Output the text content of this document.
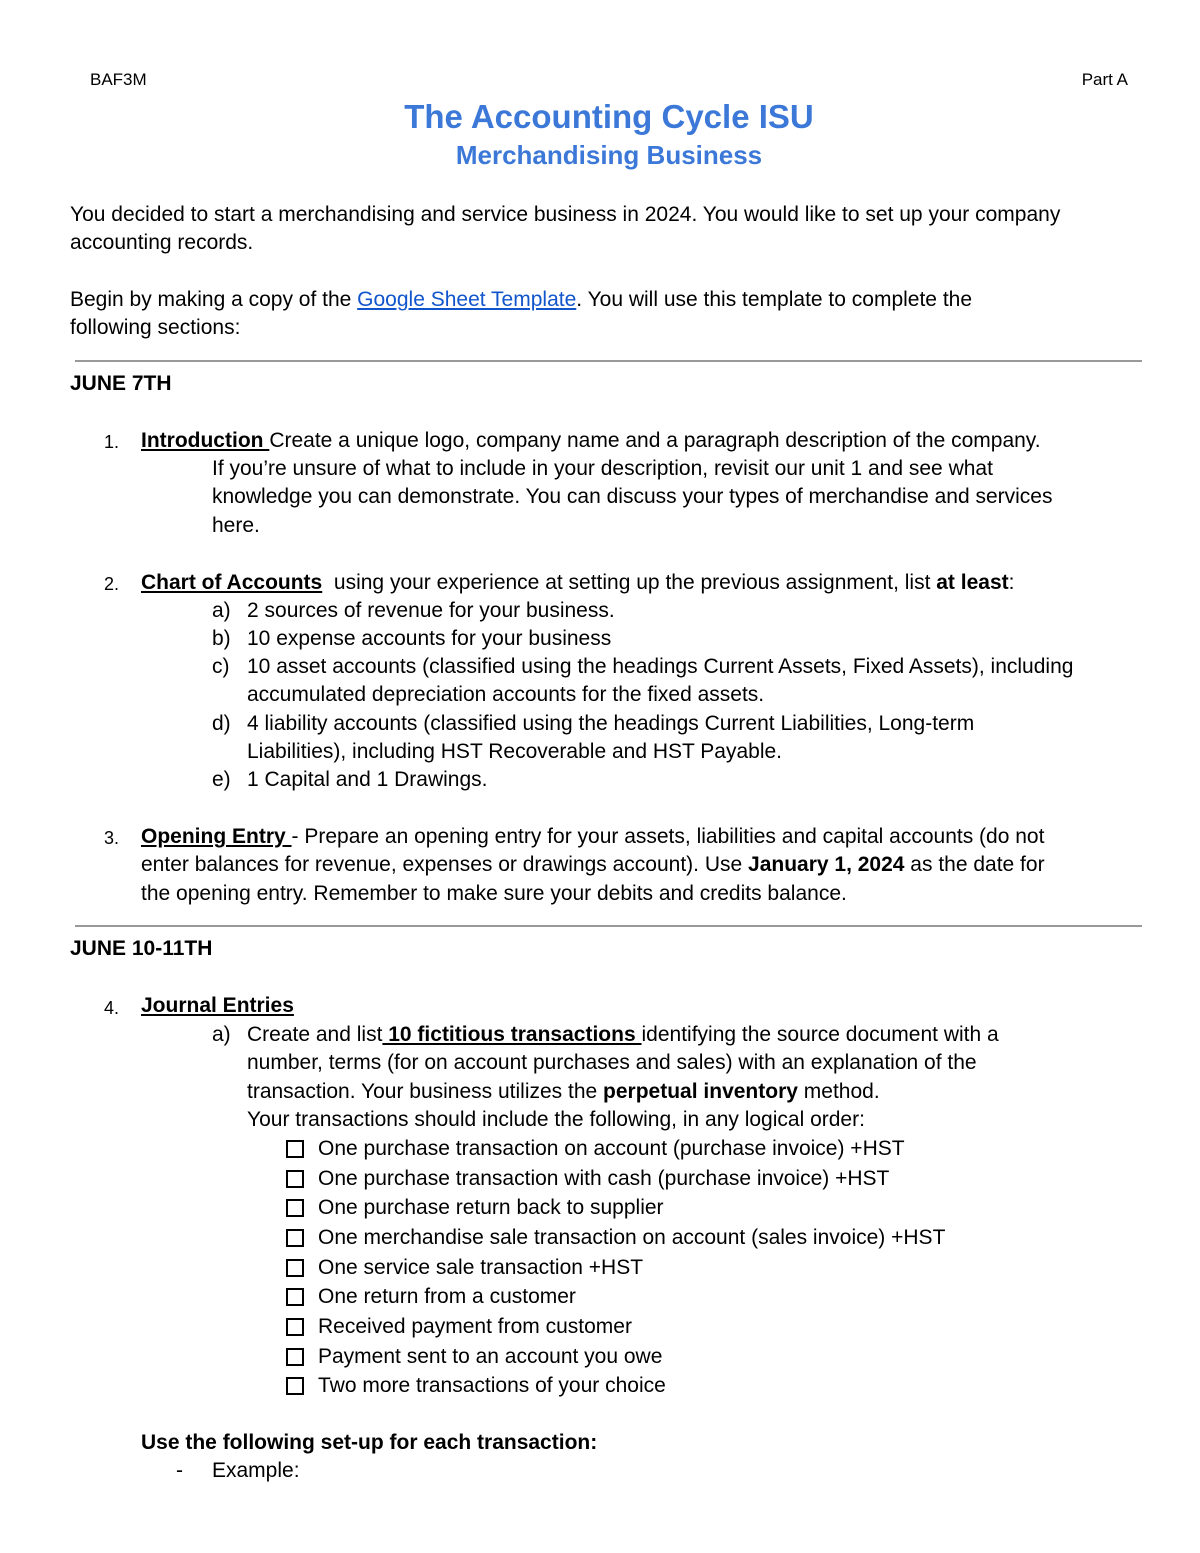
BAF3M	Part A
The Accounting Cycle ISU
Merchandising Business
You decided to start a merchandising and service business in 2024. You would like to set up your company
accounting records.
Begin by making a copy of the Google Sheet Template. You will use this template to complete the
following sections:
JUNE 7TH
1.	Introduction Create a unique logo, company name and a paragraph description of the company.
If you’re unsure of what to include in your description, revisit our unit 1 and see what
knowledge you can demonstrate. You can discuss your types of merchandise and services
here.
2.	Chart of Accounts  using your experience at setting up the previous assignment, list at least:
a) 2 sources of revenue for your business.
b) 10 expense accounts for your business
c) 10 asset accounts (classified using the headings Current Assets, Fixed Assets), including
accumulated depreciation accounts for the fixed assets.
d) 4 liability accounts (classified using the headings Current Liabilities, Long-term
Liabilities), including HST Recoverable and HST Payable.
e) 1 Capital and 1 Drawings.
3.	Opening Entry - Prepare an opening entry for your assets, liabilities and capital accounts (do not
enter balances for revenue, expenses or drawings account). Use January 1, 2024 as the date for
the opening entry. Remember to make sure your debits and credits balance.
JUNE 10-11TH
4.	Journal Entries
a) Create and list 10 fictitious transactions identifying the source document with a
number, terms (for on account purchases and sales) with an explanation of the
transaction. Your business utilizes the perpetual inventory method.
Your transactions should include the following, in any logical order:
One purchase transaction on account (purchase invoice) +HST
One purchase transaction with cash (purchase invoice) +HST
One purchase return back to supplier
One merchandise sale transaction on account (sales invoice) +HST
One service sale transaction +HST
One return from a customer
Received payment from customer
Payment sent to an account you owe
Two more transactions of your choice
Use the following set-up for each transaction:
- Example:
